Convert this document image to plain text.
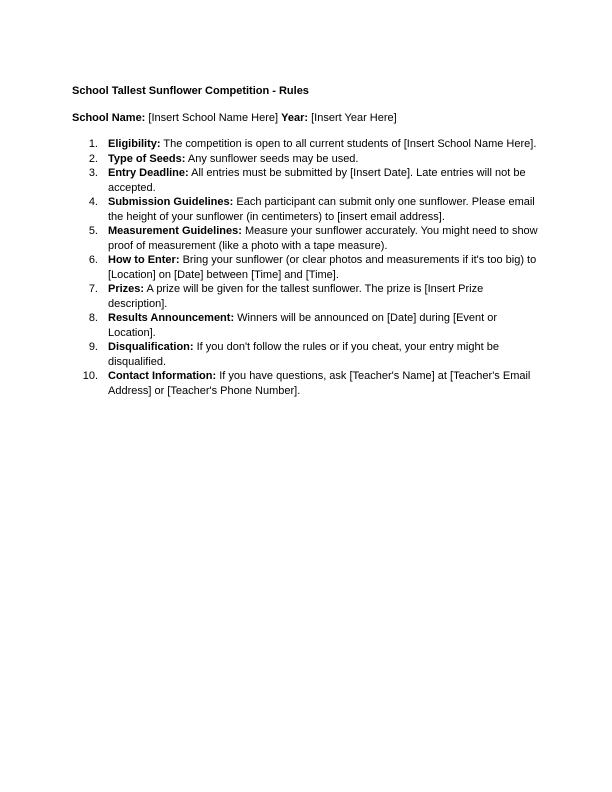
School Tallest Sunflower Competition - Rules
School Name: [Insert School Name Here] Year: [Insert Year Here]
1. Eligibility: The competition is open to all current students of [Insert School Name Here].
2. Type of Seeds: Any sunflower seeds may be used.
3. Entry Deadline: All entries must be submitted by [Insert Date]. Late entries will not be accepted.
4. Submission Guidelines: Each participant can submit only one sunflower. Please email the height of your sunflower (in centimeters) to [insert email address].
5. Measurement Guidelines: Measure your sunflower accurately. You might need to show proof of measurement (like a photo with a tape measure).
6. How to Enter: Bring your sunflower (or clear photos and measurements if it's too big) to [Location] on [Date] between [Time] and [Time].
7. Prizes: A prize will be given for the tallest sunflower. The prize is [Insert Prize description].
8. Results Announcement: Winners will be announced on [Date] during [Event or Location].
9. Disqualification: If you don't follow the rules or if you cheat, your entry might be disqualified.
10. Contact Information: If you have questions, ask [Teacher's Name] at [Teacher's Email Address] or [Teacher's Phone Number].
